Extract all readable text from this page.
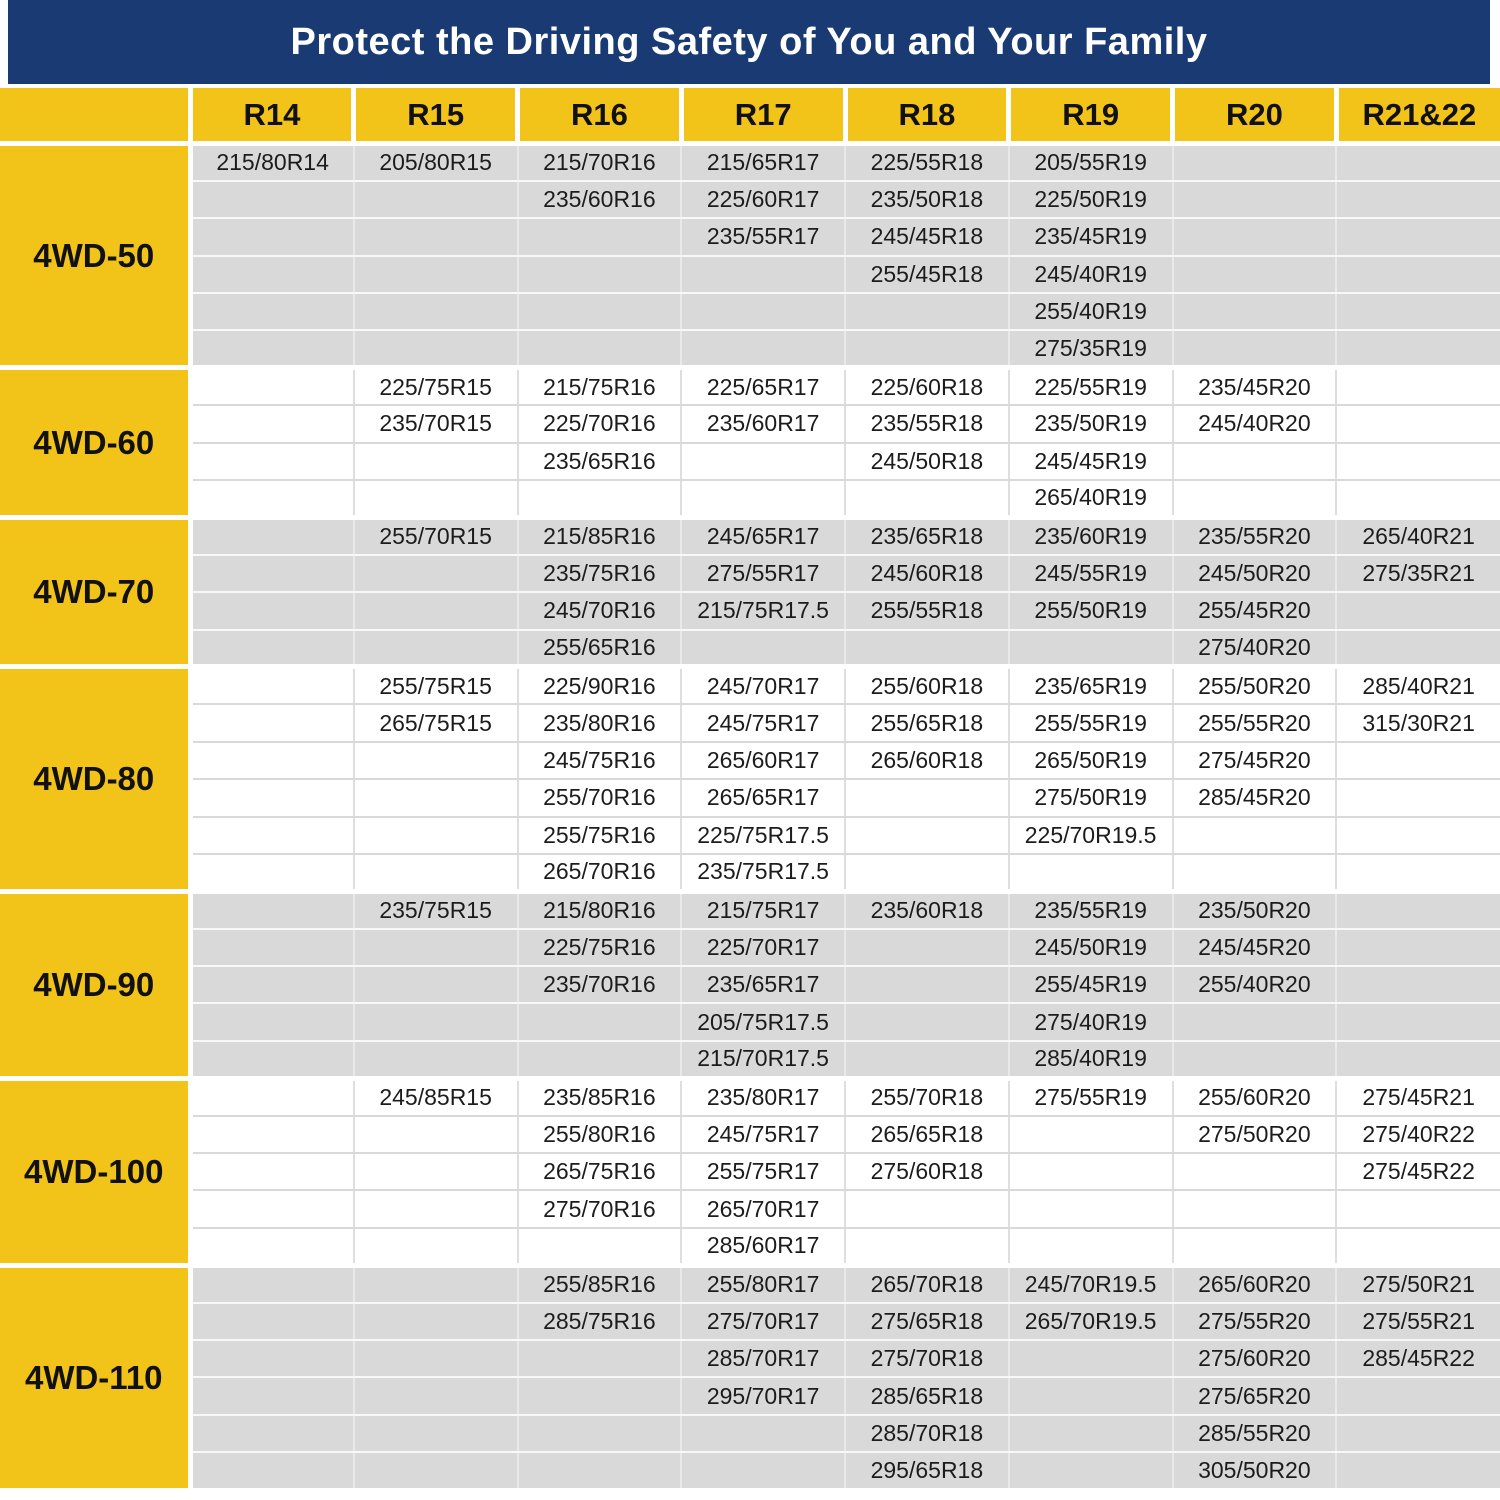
Protect the Driving Safety of You and Your Family
	R14	R15	R16	R17	R18	R19	R20	R21&22
4WD-50	215/80R14	205/80R15	215/70R16	215/65R17	225/55R18	205/55R19		
			235/60R16	225/60R17	235/50R18	225/50R19		
				235/55R17	245/45R18	235/45R19		
					255/45R18	245/40R19		
						255/40R19		
						275/35R19		
4WD-60		225/75R15	215/75R16	225/65R17	225/60R18	225/55R19	235/45R20	
		235/70R15	225/70R16	235/60R17	235/55R18	235/50R19	245/40R20	
			235/65R16		245/50R18	245/45R19		
						265/40R19		
4WD-70		255/70R15	215/85R16	245/65R17	235/65R18	235/60R19	235/55R20	265/40R21
			235/75R16	275/55R17	245/60R18	245/55R19	245/50R20	275/35R21
			245/70R16	215/75R17.5	255/55R18	255/50R19	255/45R20	
			255/65R16				275/40R20	
4WD-80		255/75R15	225/90R16	245/70R17	255/60R18	235/65R19	255/50R20	285/40R21
		265/75R15	235/80R16	245/75R17	255/65R18	255/55R19	255/55R20	315/30R21
			245/75R16	265/60R17	265/60R18	265/50R19	275/45R20	
			255/70R16	265/65R17		275/50R19	285/45R20	
			255/75R16	225/75R17.5		225/70R19.5		
			265/70R16	235/75R17.5				
4WD-90		235/75R15	215/80R16	215/75R17	235/60R18	235/55R19	235/50R20	
			225/75R16	225/70R17		245/50R19	245/45R20	
			235/70R16	235/65R17		255/45R19	255/40R20	
				205/75R17.5		275/40R19		
				215/70R17.5		285/40R19		
4WD-100		245/85R15	235/85R16	235/80R17	255/70R18	275/55R19	255/60R20	275/45R21
			255/80R16	245/75R17	265/65R18		275/50R20	275/40R22
			265/75R16	255/75R17	275/60R18			275/45R22
			275/70R16	265/70R17				
				285/60R17				
4WD-110			255/85R16	255/80R17	265/70R18	245/70R19.5	265/60R20	275/50R21
			285/75R16	275/70R17	275/65R18	265/70R19.5	275/55R20	275/55R21
				285/70R17	275/70R18		275/60R20	285/45R22
				295/70R17	285/65R18		275/65R20	
					285/70R18		285/55R20	
					295/65R18		305/50R20	
